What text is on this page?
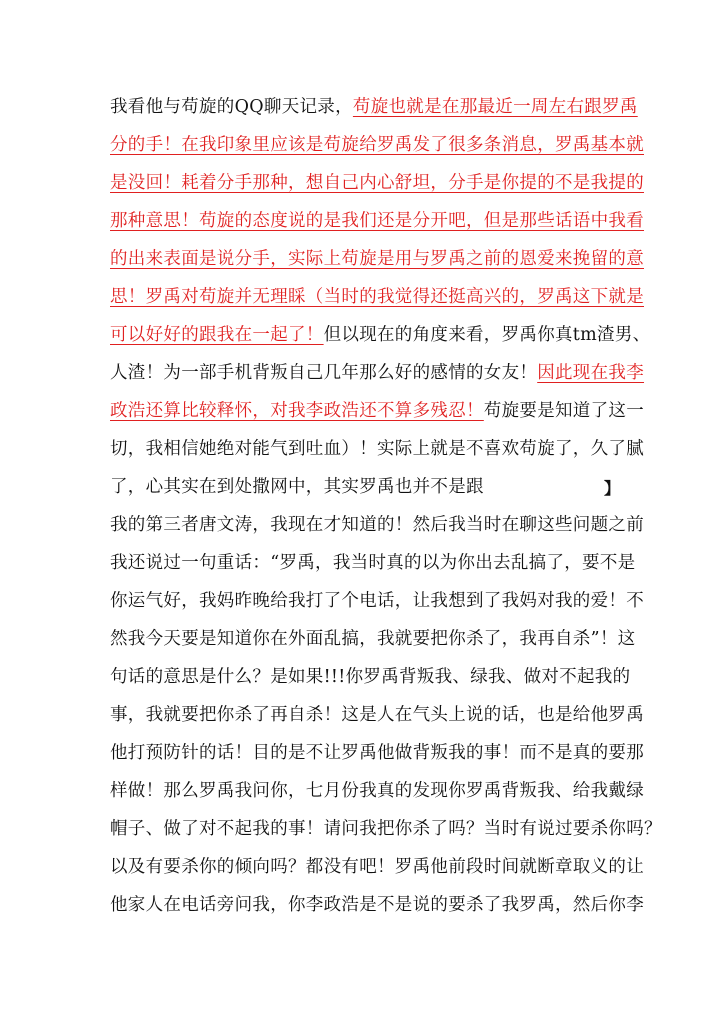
我看他与苟旋的QQ聊天记录，苟旋也就是在那最近一周左右跟罗禹
分的手！在我印象里应该是苟旋给罗禹发了很多条消息，罗禹基本就
是没回！耗着分手那种，想自己内心舒坦，分手是你提的不是我提的
那种意思！苟旋的态度说的是我们还是分开吧，但是那些话语中我看
的出来表面是说分手，实际上苟旋是用与罗禹之前的恩爱来挽留的意
思！罗禹对苟旋并无理睬（当时的我觉得还挺高兴的，罗禹这下就是
可以好好的跟我在一起了！但以现在的角度来看，罗禹你真tm渣男、
人渣！为一部手机背叛自己几年那么好的感情的女友！因此现在我李
政浩还算比较释怀，对我李政浩还不算多残忍！苟旋要是知道了这一
切，我相信她绝对能气到吐血）！实际上就是不喜欢苟旋了，久了腻
了，心其实在到处撒网中，其实罗禹也并不是跟
我的第三者唐文涛，我现在才知道的！然后我当时在聊这些问题之前
我还说过一句重话：“罗禹，我当时真的以为你出去乱搞了，要不是
你运气好，我妈昨晚给我打了个电话，让我想到了我妈对我的爱！不
然我今天要是知道你在外面乱搞，我就要把你杀了，我再自杀”！这
句话的意思是什么？是如果!!!你罗禹背叛我、绿我、做对不起我的
事，我就要把你杀了再自杀！这是人在气头上说的话，也是给他罗禹
他打预防针的话！目的是不让罗禹他做背叛我的事！而不是真的要那
样做！那么罗禹我问你，七月份我真的发现你罗禹背叛我、给我戴绿
帽子、做了对不起我的事！请问我把你杀了吗？当时有说过要杀你吗？
以及有要杀你的倾向吗？都没有吧！罗禹他前段时间就断章取义的让
他家人在电话旁问我，你李政浩是不是说的要杀了我罗禹，然后你李
】
